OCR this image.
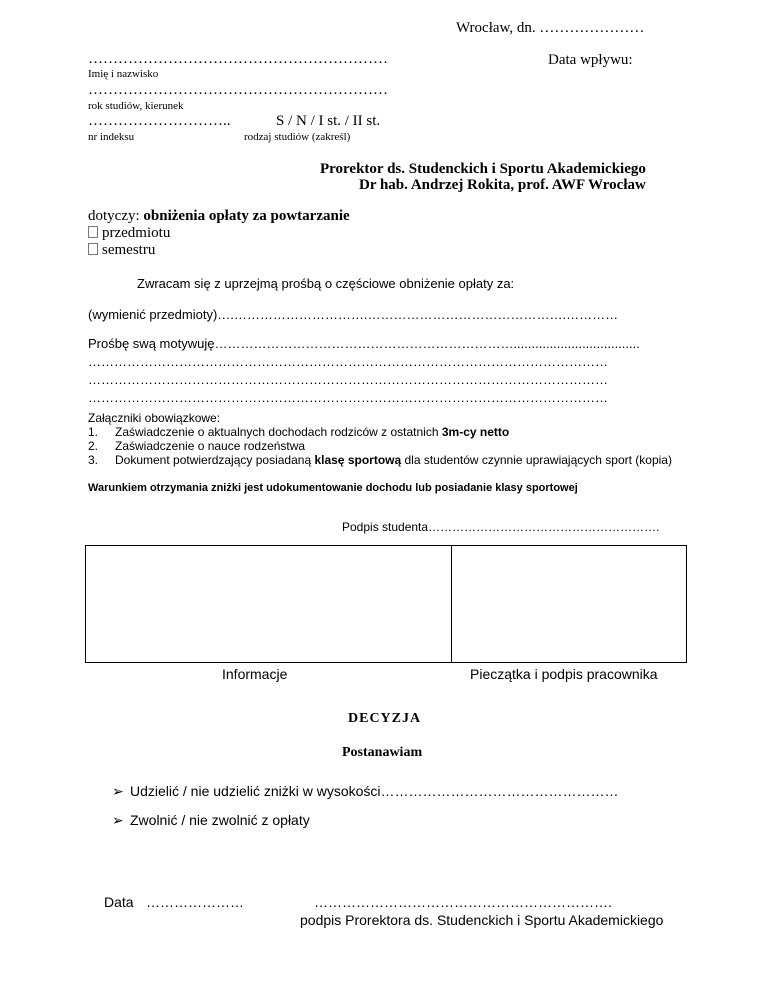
Wrocław, dn. …………………
……………………………………………………	Data wpływu:
Imię i nazwisko
……………………………………………………
rok studiów, kierunek
………………………..	S / N / I st. / II st.
nr indeksu	rodzaj studiów (zakreśl)
Prorektor ds. Studenckich i Sportu Akademickiego
Dr hab. Andrzej Rokita, prof. AWF Wrocław
dotyczy: obniżenia opłaty za powtarzanie
przedmiotu
semestru
Zwracam się z uprzejmą prośbą o częściowe obniżenie opłaty za:
(wymienić przedmioty)….………………………….……………………………………….…………
Prośbę swą motywuję……………………………………………………………...................................
…………………………………………………………………………………………………………
…………………………………………………………………………………………………………
…………………………………………………………………………………………………………
Załączniki obowiązkowe:
1. Zaświadczenie o aktualnych dochodach rodziców z ostatnich 3m-cy netto
2. Zaświadczenie o nauce rodzeństwa
3. Dokument potwierdzający posiadaną klasę sportową dla studentów czynnie uprawiających sport (kopia)
Warunkiem otrzymania zniżki jest udokumentowanie dochodu lub posiadanie klasy sportowej
Podpis studenta………………………………………………….
Informacje	Pieczątka i podpis pracownika
DECYZJA
Postanawiam
➢ Udzielić / nie udzielić zniżki w wysokości……………………………………………
➢ Zwolnić / nie zwolnić z opłaty
Data …………………	……………………………………………………….
podpis Prorektora ds. Studenckich i Sportu Akademickiego
